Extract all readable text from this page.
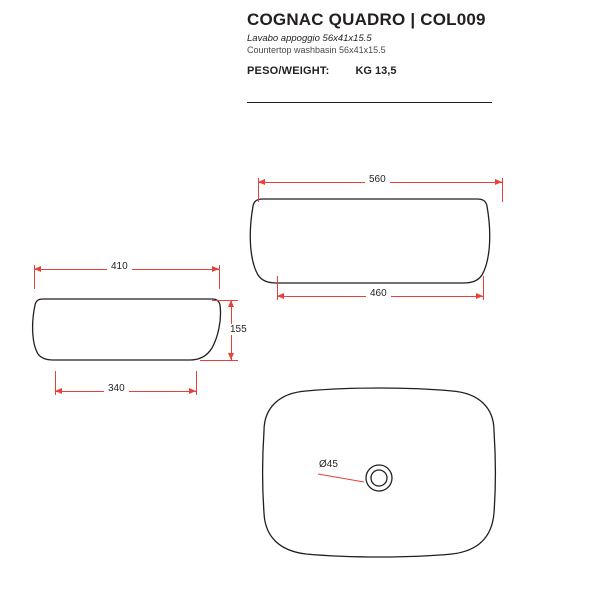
COGNAC QUADRO | COL009
Lavabo appoggio 56x41x15.5
Countertop washbasin 56x41x15.5
PESO/WEIGHT: KG 13,5
560
460
410
155
340
Ø45
